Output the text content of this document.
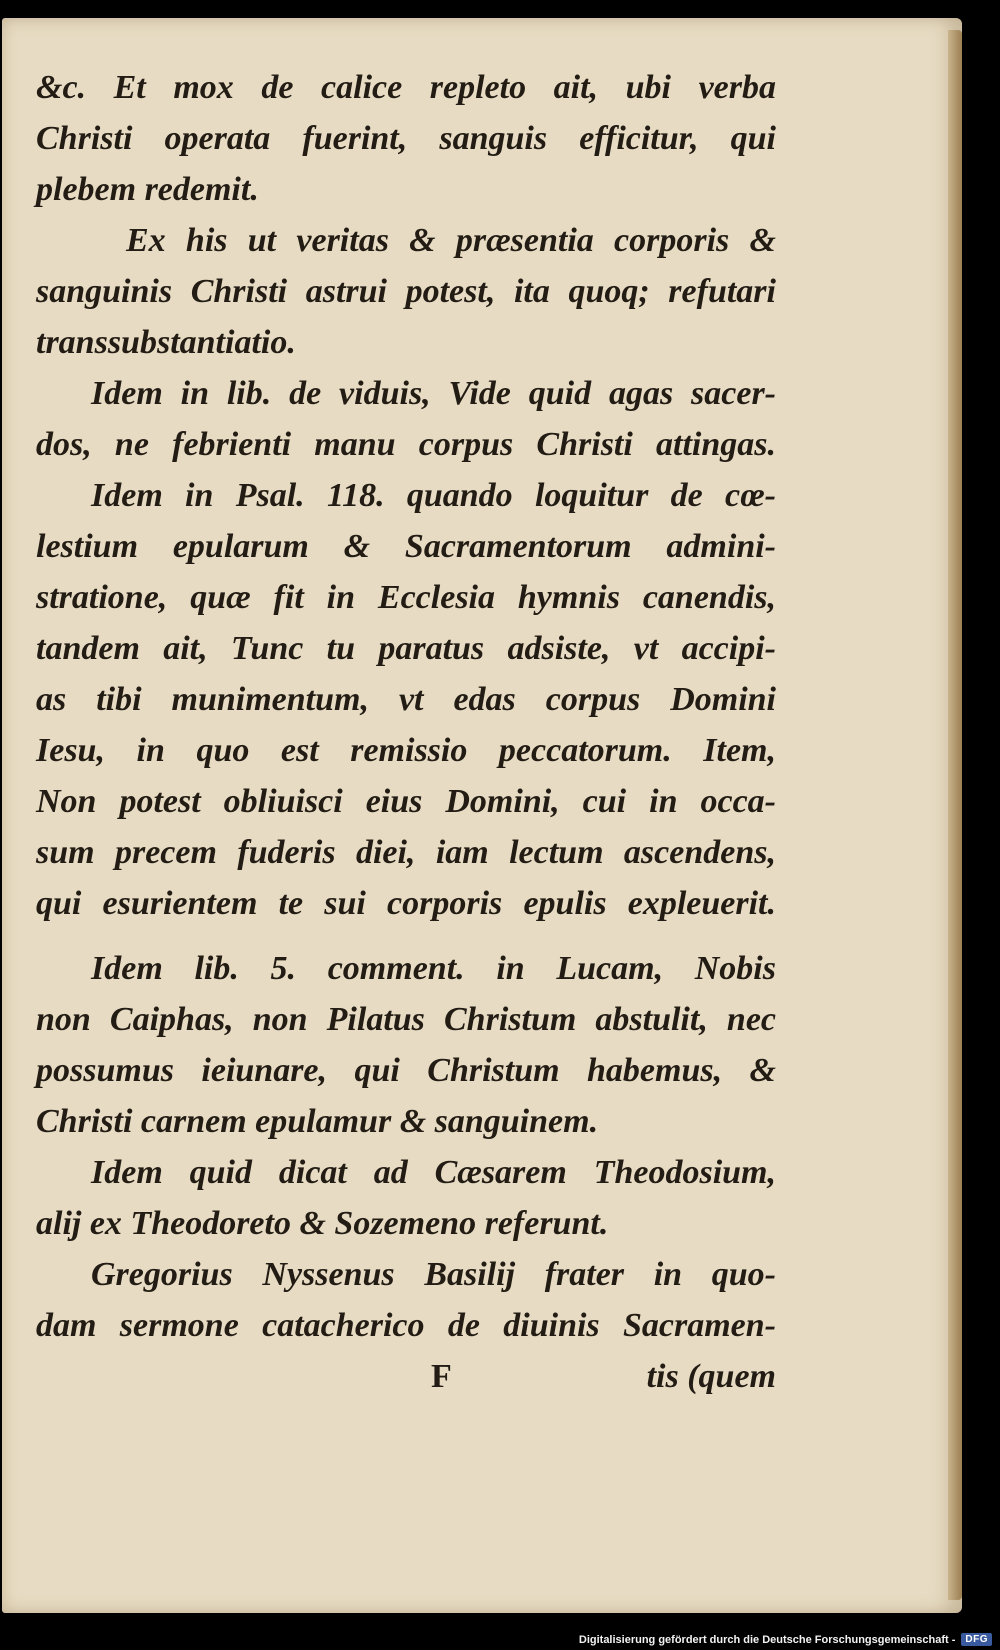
&c. Et mox de calice repleto ait, ubi verba
Christi operata fuerint, sanguis efficitur, qui
plebem redemit.
Ex his ut veritas & præsentia corporis &
sanguinis Christi astrui potest, ita quoq; refutari
transsubstantiatio.
Idem in lib. de viduis, Vide quid agas sacer-
dos, ne febrienti manu corpus Christi attingas.
Idem in Psal. 118. quando loquitur de cœ-
lestium epularum & Sacramentorum admini-
stratione, quæ fit in Ecclesia hymnis canendis,
tandem ait, Tunc tu paratus adsiste, vt accipi-
as tibi munimentum, vt edas corpus Domini
Iesu, in quo est remissio peccatorum. Item,
Non potest obliuisci eius Domini, cui in occa-
sum precem fuderis diei, iam lectum ascendens,
qui esurientem te sui corporis epulis expleuerit.
Idem lib. 5. comment. in Lucam, Nobis
non Caiphas, non Pilatus Christum abstulit, nec
possumus ieiunare, qui Christum habemus, &
Christi carnem epulamur & sanguinem.
Idem quid dicat ad Cæsarem Theodosium,
alij ex Theodoreto & Sozemeno referunt.
Gregorius Nyssenus Basilij frater in quo-
dam sermone catacherico de diuinis Sacramen-
F	tis (quem
Digitalisierung gefördert durch die Deutsche Forschungsgemeinschaft -	DFG
